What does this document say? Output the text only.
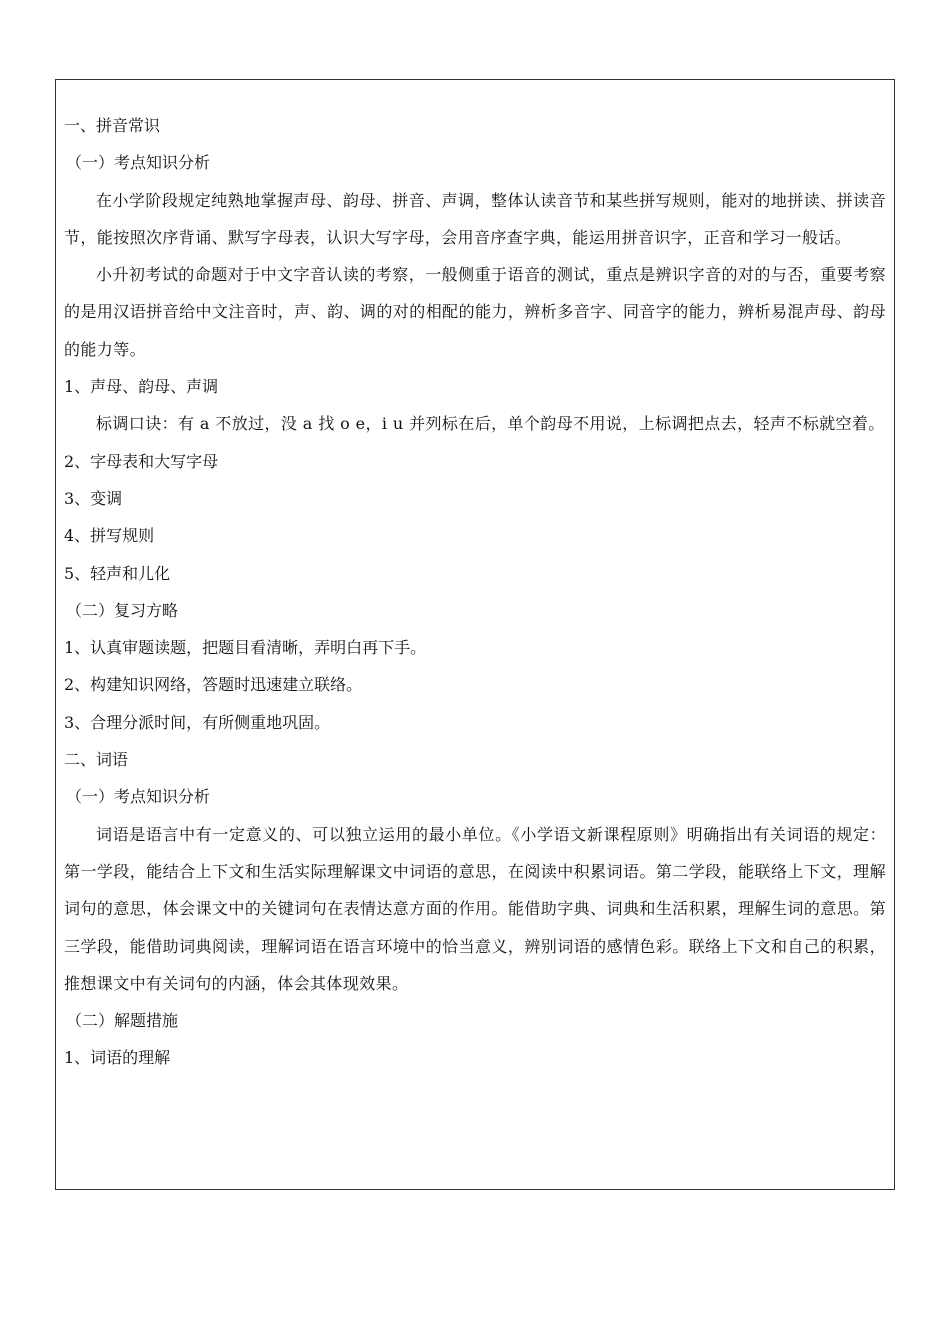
一、拼音常识

（一）考点知识分析

在小学阶段规定纯熟地掌握声母、韵母、拼音、声调，整体认读音节和某些拼写规则，能对的地拼读、拼读音节，能按照次序背诵、默写字母表，认识大写字母，会用音序查字典，能运用拼音识字，正音和学习一般话。

小升初考试的命题对于中文字音认读的考察，一般侧重于语音的测试，重点是辨识字音的对的与否，重要考察的是用汉语拼音给中文注音时，声、韵、调的对的相配的能力，辨析多音字、同音字的能力，辨析易混声母、韵母的能力等。

1、声母、韵母、声调

标调口诀：有 a 不放过，没 a 找 o e，i u 并列标在后，单个韵母不用说，上标调把点去，轻声不标就空着。

2、字母表和大写字母

3、变调

4、拼写规则

5、轻声和儿化

（二）复习方略

1、认真审题读题，把题目看清晰，弄明白再下手。

2、构建知识网络，答题时迅速建立联络。

3、合理分派时间，有所侧重地巩固。

二、词语

（一）考点知识分析

词语是语言中有一定意义的、可以独立运用的最小单位。《小学语文新课程原则》明确指出有关词语的规定：第一学段，能结合上下文和生活实际理解课文中词语的意思，在阅读中积累词语。第二学段，能联络上下文，理解词句的意思，体会课文中的关键词句在表情达意方面的作用。能借助字典、词典和生活积累，理解生词的意思。第三学段，能借助词典阅读，理解词语在语言环境中的恰当意义，辨别词语的感情色彩。联络上下文和自己的积累，推想课文中有关词句的内涵，体会其体现效果。

（二）解题措施

1、词语的理解
